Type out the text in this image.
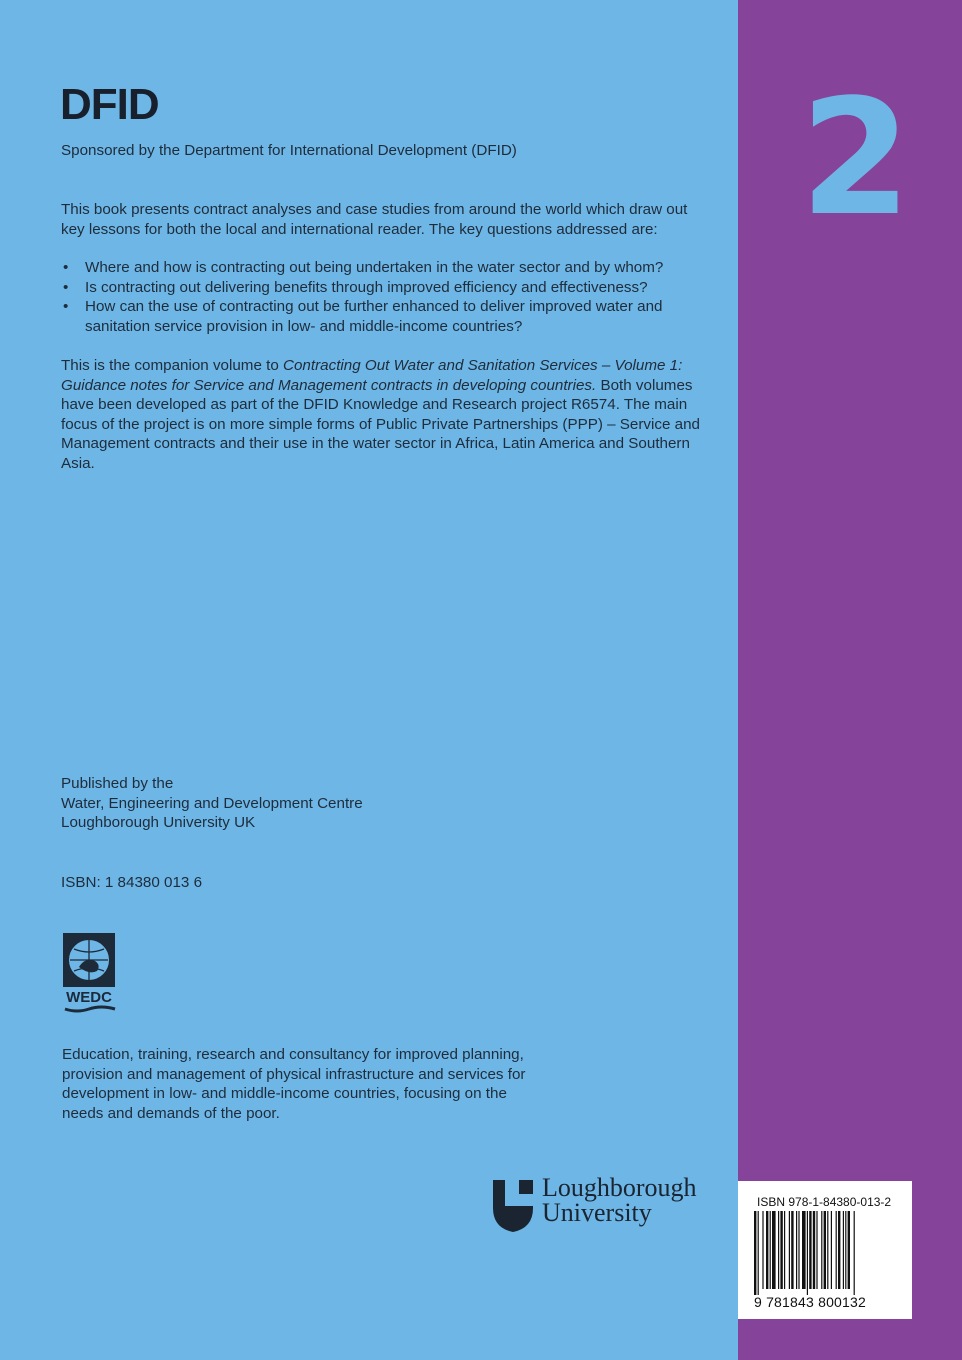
2
DFID
Sponsored by the Department for International Development (DFID)
This book presents contract analyses and case studies from around the world which draw out key lessons for both the local and international reader. The key questions addressed are:
• Where and how is contracting out being undertaken in the water sector and by whom?
• Is contracting out delivering benefits through improved efficiency and effectiveness?
• How can the use of contracting out be further enhanced to deliver improved water and sanitation service provision in low- and middle-income countries?
This is the companion volume to Contracting Out Water and Sanitation Services – Volume 1: Guidance notes for Service and Management contracts in developing countries. Both volumes have been developed as part of the DFID Knowledge and Research project R6574. The main focus of the project is on more simple forms of Public Private Partnerships (PPP) – Service and Management contracts and their use in the water sector in Africa, Latin America and Southern Asia.
Published by the
Water, Engineering and Development Centre
Loughborough University UK
ISBN: 1 84380 013 6
WEDC
Education, training, research and consultancy for improved planning, provision and management of physical infrastructure and services for development in low- and middle-income countries, focusing on the needs and demands of the poor.
Loughborough
University	ISBN 978-1-84380-013-2
9 781843 800132
